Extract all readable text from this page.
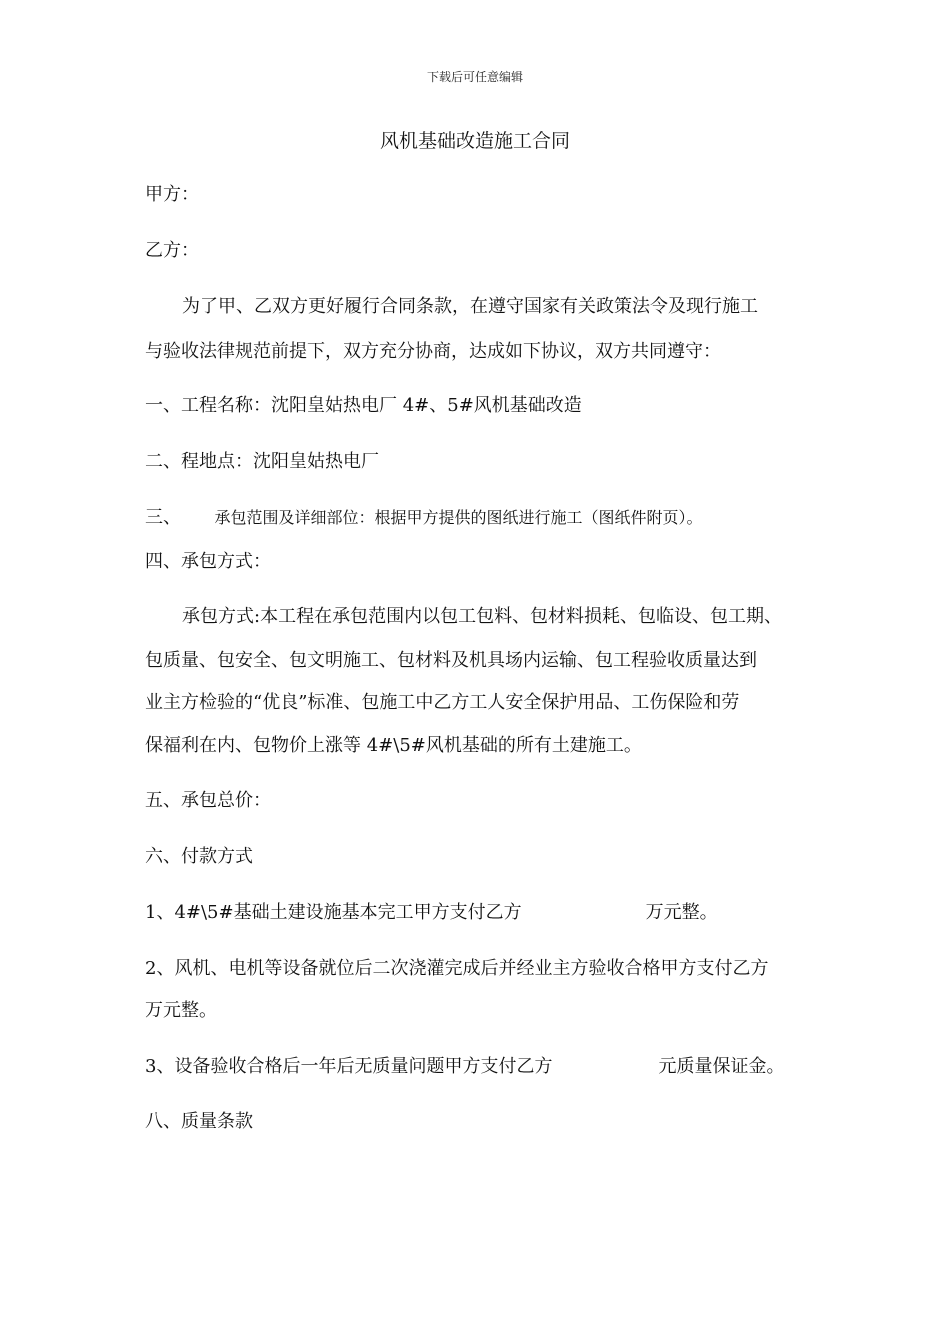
下载后可任意编辑
风机基础改造施工合同
甲方：
乙方：
为了甲、乙双方更好履行合同条款，在遵守国家有关政策法令及现行施工
与验收法律规范前提下，双方充分协商，达成如下协议，双方共同遵守：
一、工程名称：沈阳皇姑热电厂 4#、5#风机基础改造
二、程地点：沈阳皇姑热电厂
三、 承包范围及详细部位：根据甲方提供的图纸进行施工（图纸件附页）。
四、承包方式：
承包方式:本工程在承包范围内以包工包料、包材料损耗、包临设、包工期、
包质量、包安全、包文明施工、包材料及机具场内运输、包工程验收质量达到
业主方检验的“优良”标准、包施工中乙方工人安全保护用品、工伤保险和劳
保福利在内、包物价上涨等 4#\5#风机基础的所有土建施工。
五、承包总价：
六、付款方式
1、4#\5#基础土建设施基本完工甲方支付乙方	万元整。
2、风机、电机等设备就位后二次浇灌完成后并经业主方验收合格甲方支付乙方
万元整。
3、设备验收合格后一年后无质量问题甲方支付乙方	元质量保证金。
八、质量条款
